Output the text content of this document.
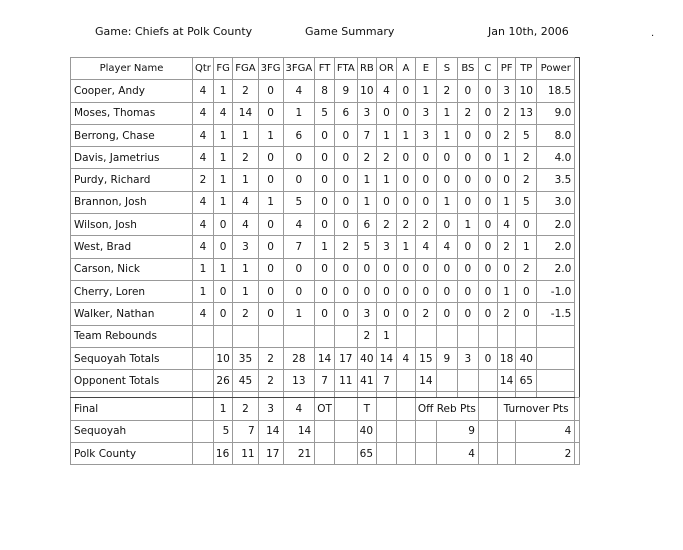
Game: Chiefs at Polk County	Game Summary	Jan 10th, 2006	.
Player Name	Qtr	FG	FGA	3FG	3FGA	FT	FTA	RB	OR	A	E	S	BS	C	PF	TP	Power	
Cooper, Andy	4	1	2	0	4	8	9	10	4	0	1	2	0	0	3	10	18.5	
Moses, Thomas	4	4	14	0	1	5	6	3	0	0	3	1	2	0	2	13	9.0	
Berrong, Chase	4	1	1	1	6	0	0	7	1	1	3	1	0	0	2	5	8.0	
Davis, Jametrius	4	1	2	0	0	0	0	2	2	0	0	0	0	0	1	2	4.0	
Purdy, Richard	2	1	1	0	0	0	0	1	1	0	0	0	0	0	0	2	3.5	
Brannon, Josh	4	1	4	1	5	0	0	1	0	0	0	1	0	0	1	5	3.0	
Wilson, Josh	4	0	4	0	4	0	0	6	2	2	2	0	1	0	4	0	2.0	
West, Brad	4	0	3	0	7	1	2	5	3	1	4	4	0	0	2	1	2.0	
Carson, Nick	1	1	1	0	0	0	0	0	0	0	0	0	0	0	0	2	2.0	
Cherry, Loren	1	0	1	0	0	0	0	0	0	0	0	0	0	0	1	0	-1.0	
Walker, Nathan	4	0	2	0	1	0	0	3	0	0	2	0	0	0	2	0	-1.5	
Team Rebounds								2	1									
Sequoyah Totals		10	35	2	28	14	17	40	14	4	15	9	3	0	18	40		
Opponent Totals		26	45	2	13	7	11	41	7		14				14	65		

Final		1	2	3	4	OT		T			Off Reb Pts				Turnover Pts			
Sequoyah		5	7	14	14			40				9				4		
Polk County		16	11	17	21			65				4				2		
